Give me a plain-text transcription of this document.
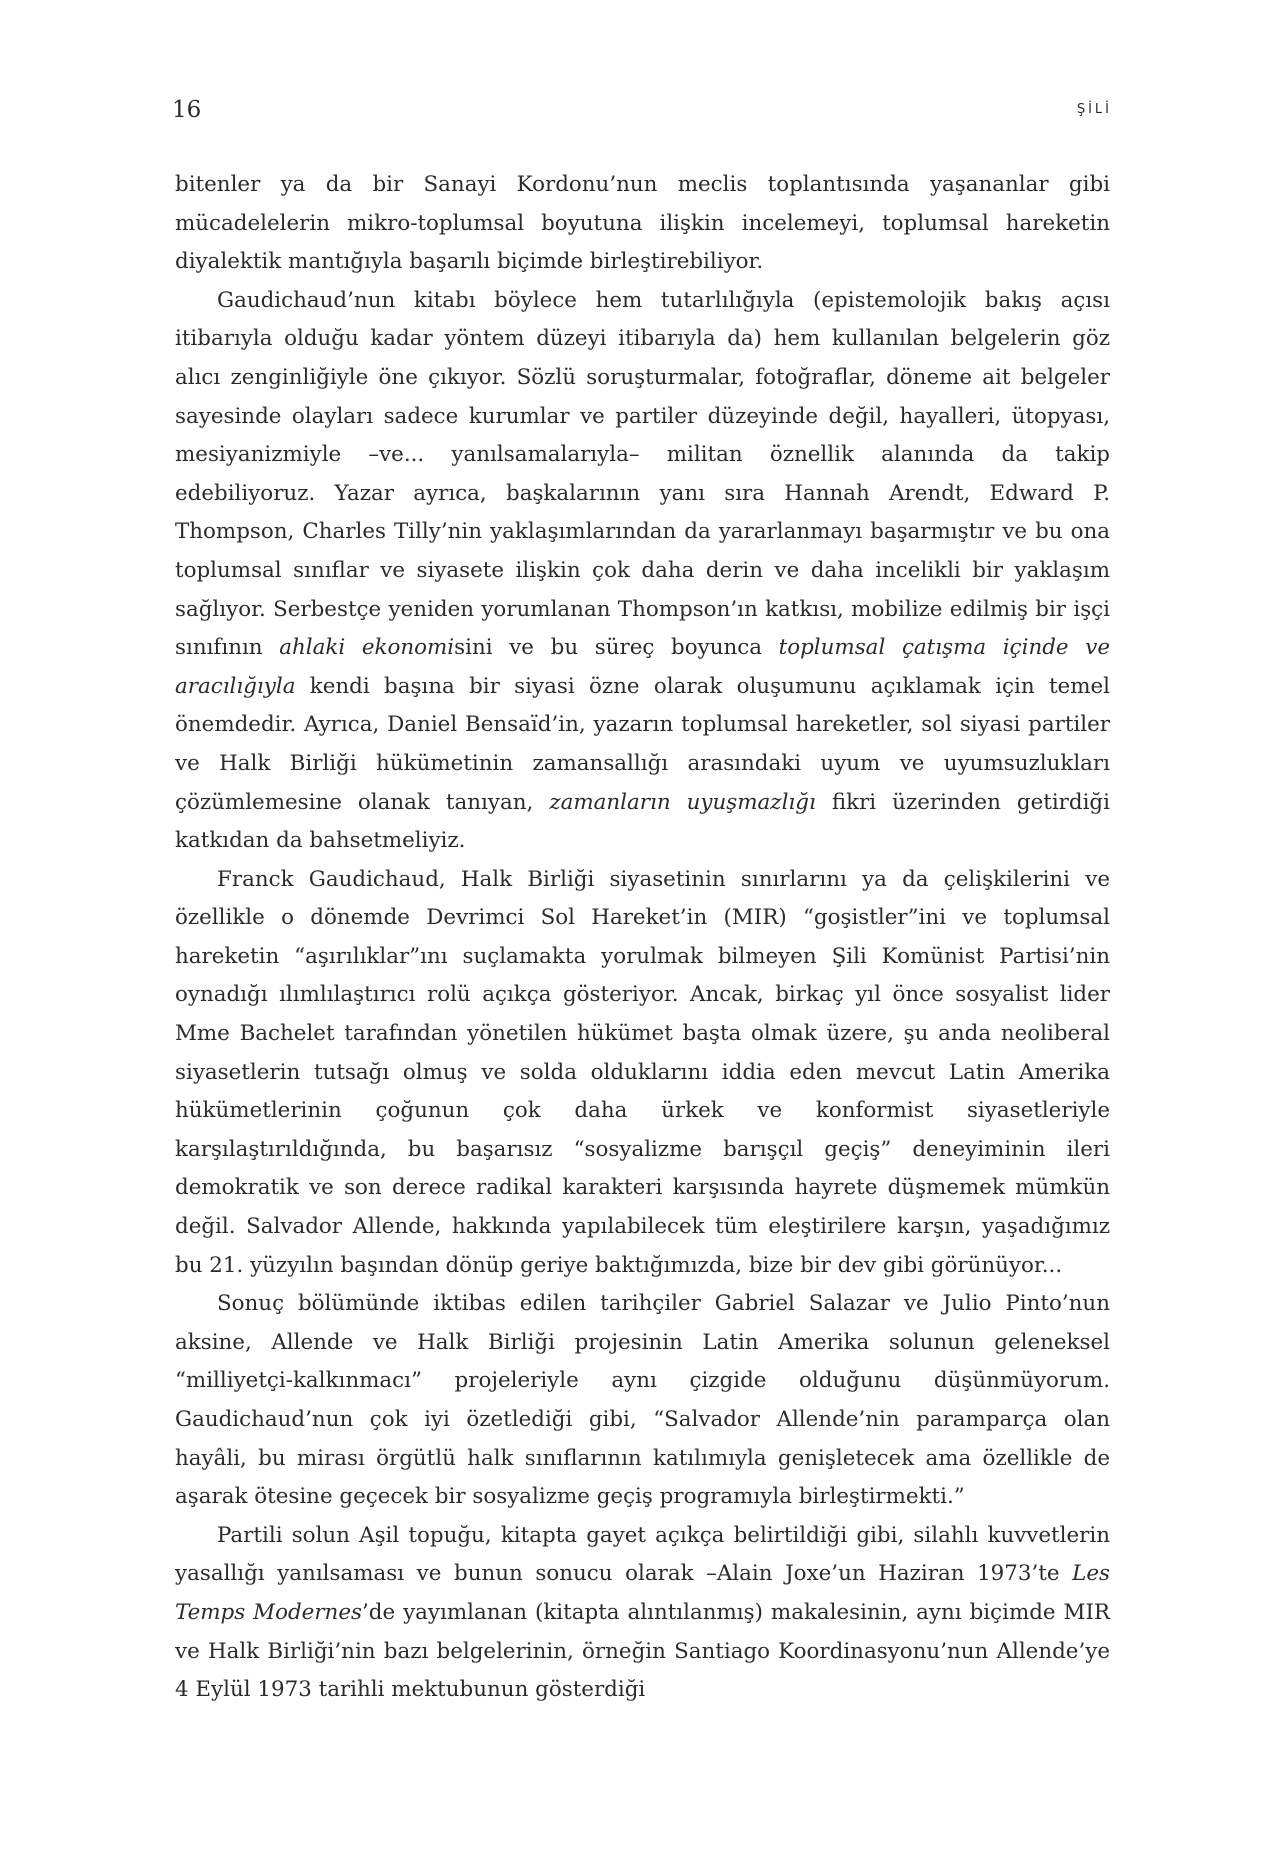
16	ŞİLİ

bitenler ya da bir Sanayi Kordonu’nun meclis toplantısında yaşananlar gibi mücadelelerin mikro-toplumsal boyutuna ilişkin incelemeyi, toplumsal hareketin diyalektik mantığıyla başarılı biçimde birleştirebiliyor.

Gaudichaud’nun kitabı böylece hem tutarlılığıyla (epistemolojik bakış açısı itibarıyla olduğu kadar yöntem düzeyi itibarıyla da) hem kullanılan belgelerin göz alıcı zenginliğiyle öne çıkıyor. Sözlü soruşturmalar, fotoğraflar, döneme ait belgeler sayesinde olayları sadece kurumlar ve partiler düzeyinde değil, hayalleri, ütopyası, mesiyanizmiyle –ve... yanılsamalarıyla– militan öznellik alanında da takip edebiliyoruz. Yazar ayrıca, başkalarının yanı sıra Hannah Arendt, Edward P. Thompson, Charles Tilly’nin yaklaşımlarından da yararlanmayı başarmıştır ve bu ona toplumsal sınıflar ve siyasete ilişkin çok daha derin ve daha incelikli bir yaklaşım sağlıyor. Serbestçe yeniden yorumlanan Thompson’ın katkısı, mobilize edilmiş bir işçi sınıfının ahlaki ekonomisini ve bu süreç boyunca toplumsal çatışma içinde ve aracılığıyla kendi başına bir siyasi özne olarak oluşumunu açıklamak için temel önemdedir. Ayrıca, Daniel Bensaïd’in, yazarın toplumsal hareketler, sol siyasi partiler ve Halk Birliği hükümetinin zamansallığı arasındaki uyum ve uyumsuzlukları çözümlemesine olanak tanıyan, zamanların uyuşmazlığı fikri üzerinden getirdiği katkıdan da bahsetmeliyiz.

Franck Gaudichaud, Halk Birliği siyasetinin sınırlarını ya da çelişkilerini ve özellikle o dönemde Devrimci Sol Hareket’in (MIR) “goşistler”ini ve toplumsal hareketin “aşırılıklar”ını suçlamakta yorulmak bilmeyen Şili Komünist Partisi’nin oynadığı ılımlılaştırıcı rolü açıkça gösteriyor. Ancak, birkaç yıl önce sosyalist lider Mme Bachelet tarafından yönetilen hükümet başta olmak üzere, şu anda neoliberal siyasetlerin tutsağı olmuş ve solda olduklarını iddia eden mevcut Latin Amerika hükümetlerinin çoğunun çok daha ürkek ve konformist siyasetleriyle karşılaştırıldığında, bu başarısız “sosyalizme barışçıl geçiş” deneyiminin ileri demokratik ve son derece radikal karakteri karşısında hayrete düşmemek mümkün değil. Salvador Allende, hakkında yapılabilecek tüm eleştirilere karşın, yaşadığımız bu 21. yüzyılın başından dönüp geriye baktığımızda, bize bir dev gibi görünüyor...

Sonuç bölümünde iktibas edilen tarihçiler Gabriel Salazar ve Julio Pinto’nun aksine, Allende ve Halk Birliği projesinin Latin Amerika solunun geleneksel “milliyetçi-kalkınmacı” projeleriyle aynı çizgide olduğunu düşünmüyorum. Gaudichaud’nun çok iyi özetlediği gibi, “Salvador Allende’nin paramparça olan hayâli, bu mirası örgütlü halk sınıflarının katılımıyla genişletecek ama özellikle de aşarak ötesine geçecek bir sosyalizme geçiş programıyla birleştirmekti.”

Partili solun Aşil topuğu, kitapta gayet açıkça belirtildiği gibi, silahlı kuvvetlerin yasallığı yanılsaması ve bunun sonucu olarak –Alain Joxe’un Haziran 1973’te Les Temps Modernes’de yayımlanan (kitapta alıntılanmış) makalesinin, aynı biçimde MIR ve Halk Birliği’nin bazı belgelerinin, örneğin Santiago Koordinasyonu’nun Allende’ye 4 Eylül 1973 tarihli mektubunun gösterdiği
